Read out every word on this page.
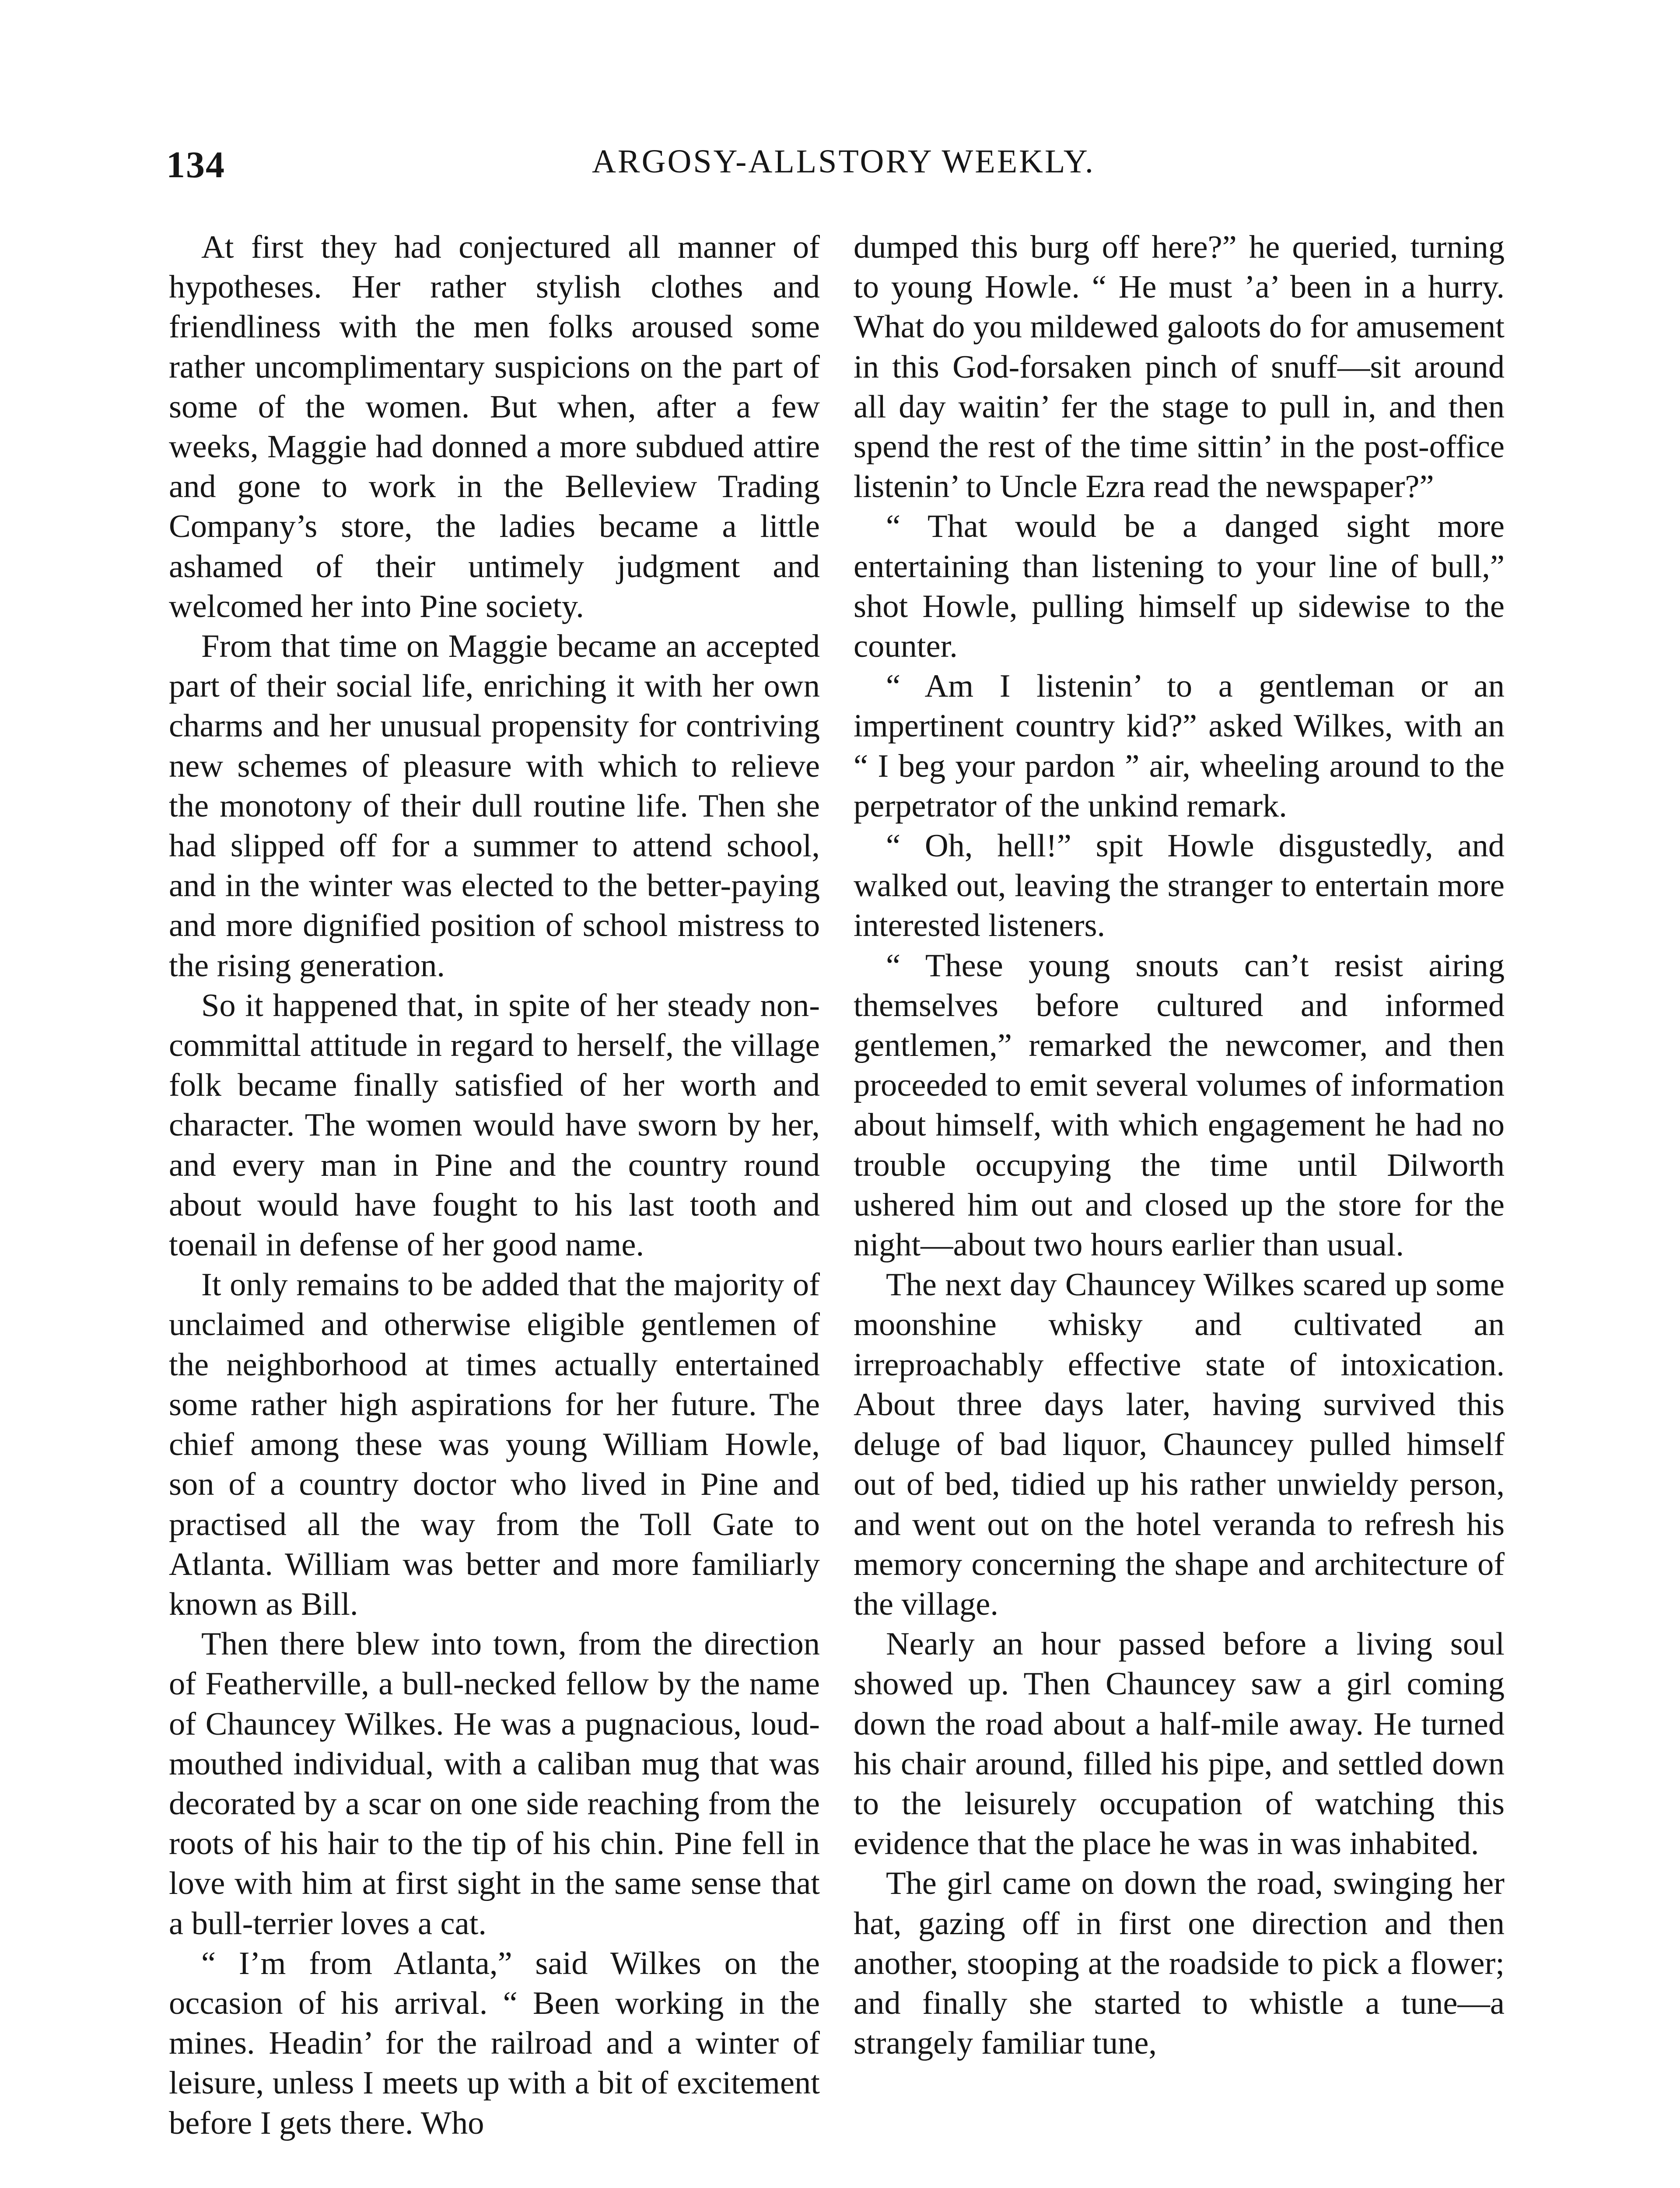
134	ARGOSY-ALLSTORY WEEKLY.

At first they had conjectured all manner of hypotheses. Her rather stylish clothes and friendliness with the men folks aroused some rather uncomplimentary suspicions on the part of some of the women. But when, after a few weeks, Maggie had donned a more subdued attire and gone to work in the Belleview Trading Company’s store, the ladies became a little ashamed of their untimely judgment and welcomed her into Pine society.

From that time on Maggie became an accepted part of their social life, enriching it with her own charms and her unusual propensity for contriving new schemes of pleasure with which to relieve the monotony of their dull routine life. Then she had slipped off for a summer to attend school, and in the winter was elected to the better-paying and more dignified position of school mistress to the rising generation.

So it happened that, in spite of her steady non-committal attitude in regard to herself, the village folk became finally satisfied of her worth and character. The women would have sworn by her, and every man in Pine and the country round about would have fought to his last tooth and toenail in defense of her good name.

It only remains to be added that the majority of unclaimed and otherwise eligible gentlemen of the neighborhood at times actually entertained some rather high aspirations for her future. The chief among these was young William Howle, son of a country doctor who lived in Pine and practised all the way from the Toll Gate to Atlanta. William was better and more familiarly known as Bill.

Then there blew into town, from the direction of Featherville, a bull-necked fellow by the name of Chauncey Wilkes. He was a pugnacious, loud-mouthed individual, with a caliban mug that was decorated by a scar on one side reaching from the roots of his hair to the tip of his chin. Pine fell in love with him at first sight in the same sense that a bull-terrier loves a cat.

“ I’m from Atlanta,” said Wilkes on the occasion of his arrival. “ Been working in the mines. Headin’ for the railroad and a winter of leisure, unless I meets up with a bit of excitement before I gets there. Who

dumped this burg off here?” he queried, turning to young Howle. “ He must ’a’ been in a hurry. What do you mildewed galoots do for amusement in this God-forsaken pinch of snuff—sit around all day waitin’ fer the stage to pull in, and then spend the rest of the time sittin’ in the post-office listenin’ to Uncle Ezra read the newspaper?”

“ That would be a danged sight more entertaining than listening to your line of bull,” shot Howle, pulling himself up sidewise to the counter.

“ Am I listenin’ to a gentleman or an impertinent country kid?” asked Wilkes, with an “ I beg your pardon ” air, wheeling around to the perpetrator of the unkind remark.

“ Oh, hell!” spit Howle disgustedly, and walked out, leaving the stranger to entertain more interested listeners.

“ These young snouts can’t resist airing themselves before cultured and informed gentlemen,” remarked the newcomer, and then proceeded to emit several volumes of information about himself, with which engagement he had no trouble occupying the time until Dilworth ushered him out and closed up the store for the night—about two hours earlier than usual.

The next day Chauncey Wilkes scared up some moonshine whisky and cultivated an irreproachably effective state of intoxication. About three days later, having survived this deluge of bad liquor, Chauncey pulled himself out of bed, tidied up his rather unwieldy person, and went out on the hotel veranda to refresh his memory concerning the shape and architecture of the village.

Nearly an hour passed before a living soul showed up. Then Chauncey saw a girl coming down the road about a half-mile away. He turned his chair around, filled his pipe, and settled down to the leisurely occupation of watching this evidence that the place he was in was inhabited.

The girl came on down the road, swinging her hat, gazing off in first one direction and then another, stooping at the roadside to pick a flower; and finally she started to whistle a tune—a strangely familiar tune,
